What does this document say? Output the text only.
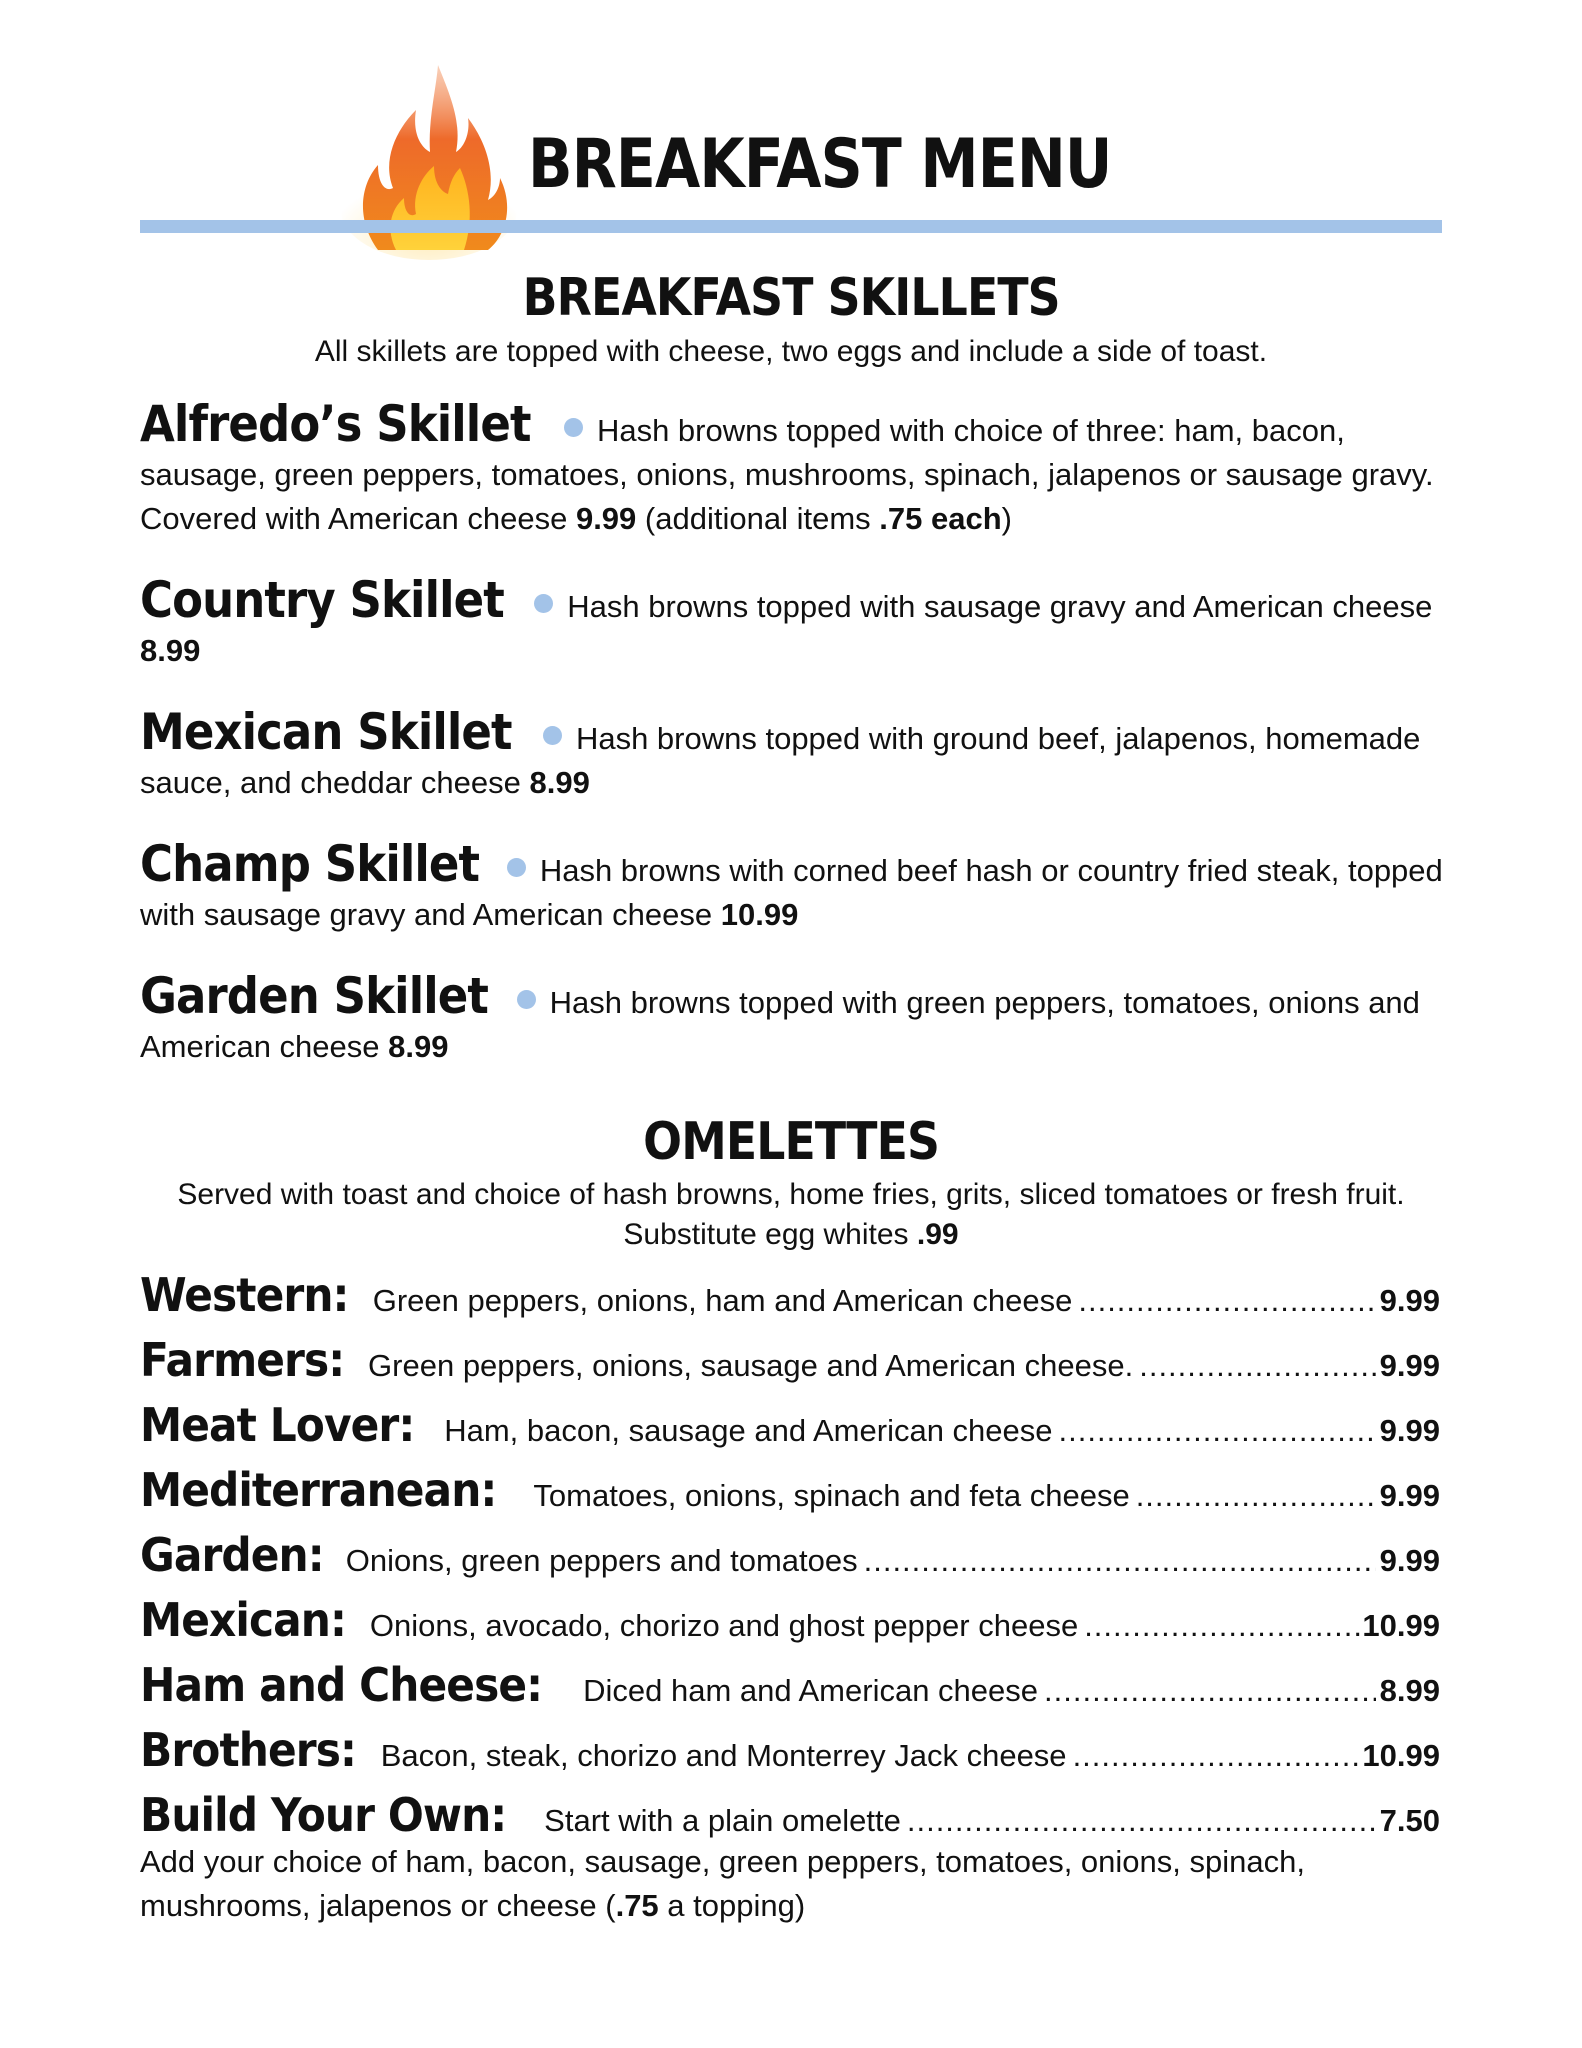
BREAKFAST MENU
BREAKFAST SKILLETS
All skillets are topped with cheese, two eggs and include a side of toast.
Alfredo’s Skillet Hash browns topped with choice of three: ham, bacon, sausage, green peppers, tomatoes, onions, mushrooms, spinach, jalapenos or sausage gravy. Covered with American cheese 9.99 (additional items .75 each)
Country Skillet Hash browns topped with sausage gravy and American cheese 8.99
Mexican Skillet Hash browns topped with ground beef, jalapenos, homemade sauce, and cheddar cheese 8.99
Champ Skillet Hash browns with corned beef hash or country fried steak, topped with sausage gravy and American cheese 10.99
Garden Skillet Hash browns topped with green peppers, tomatoes, onions and American cheese 8.99
OMELETTES
Served with toast and choice of hash browns, home fries, grits, sliced tomatoes or fresh fruit. Substitute egg whites .99
Western: Green peppers, onions, ham and American cheese .....	9.99
Farmers: Green peppers, onions, sausage and American cheese. .....	9.99
Meat Lover: Ham, bacon, sausage and American cheese .....	9.99
Mediterranean:	Tomatoes, onions, spinach and feta cheese .....	9.99
Garden: Onions, green peppers and tomatoes .....	9.99
Mexican: Onions, avocado, chorizo and ghost pepper cheese .....	10.99
Ham and Cheese:	Diced ham and American cheese .....	8.99
Brothers: Bacon, steak, chorizo and Monterrey Jack cheese .....	10.99
Build Your Own:	Start with a plain omelette .....	7.50
Add your choice of ham, bacon, sausage, green peppers, tomatoes, onions, spinach, mushrooms, jalapenos or cheese (.75 a topping)
